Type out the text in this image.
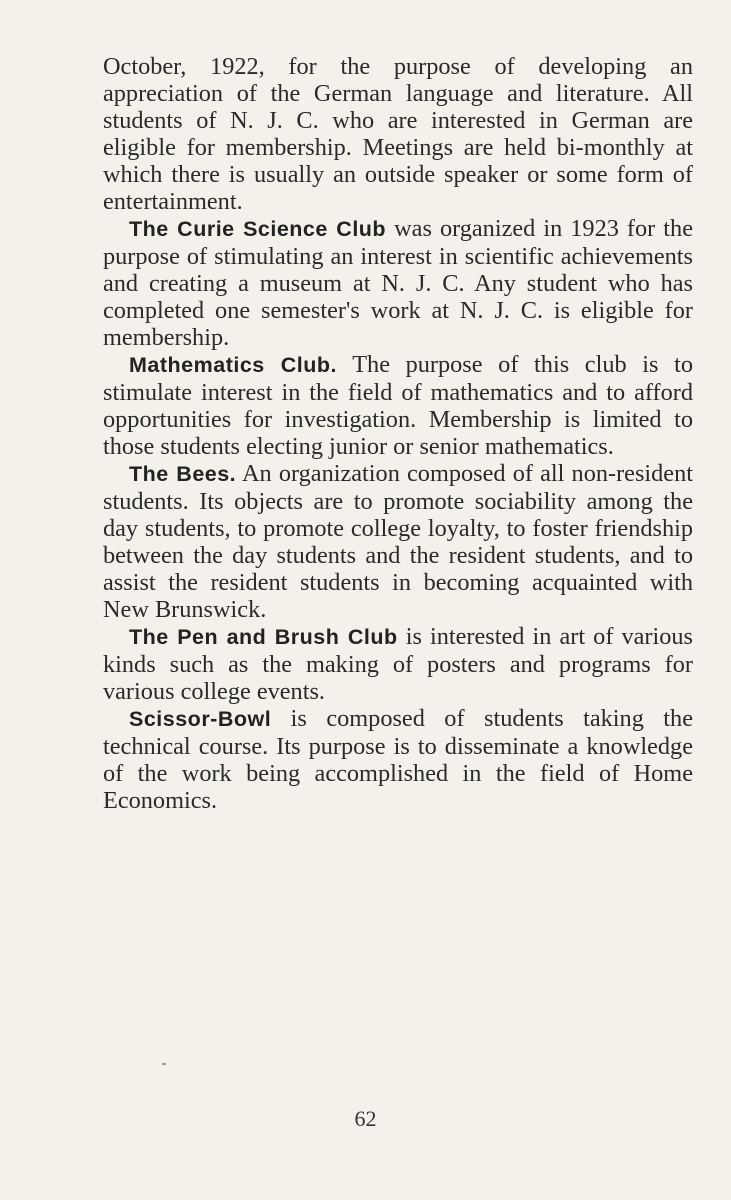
October, 1922, for the purpose of developing an appreciation of the German language and literature. All students of N. J. C. who are interested in German are eligible for membership. Meetings are held bi-monthly at which there is usually an outside speaker or some form of entertainment.

The Curie Science Club was organized in 1923 for the purpose of stimulating an interest in scientific achievements and creating a museum at N. J. C. Any student who has completed one semester's work at N. J. C. is eligible for membership.

Mathematics Club. The purpose of this club is to stimulate interest in the field of mathematics and to afford opportunities for investigation. Membership is limited to those students electing junior or senior mathematics.

The Bees. An organization composed of all non-resident students. Its objects are to promote sociability among the day students, to promote college loyalty, to foster friendship between the day students and the resident students, and to assist the resident students in becoming acquainted with New Brunswick.

The Pen and Brush Club is interested in art of various kinds such as the making of posters and programs for various college events.

Scissor-Bowl is composed of students taking the technical course. Its purpose is to disseminate a knowledge of the work being accomplished in the field of Home Economics.

62
